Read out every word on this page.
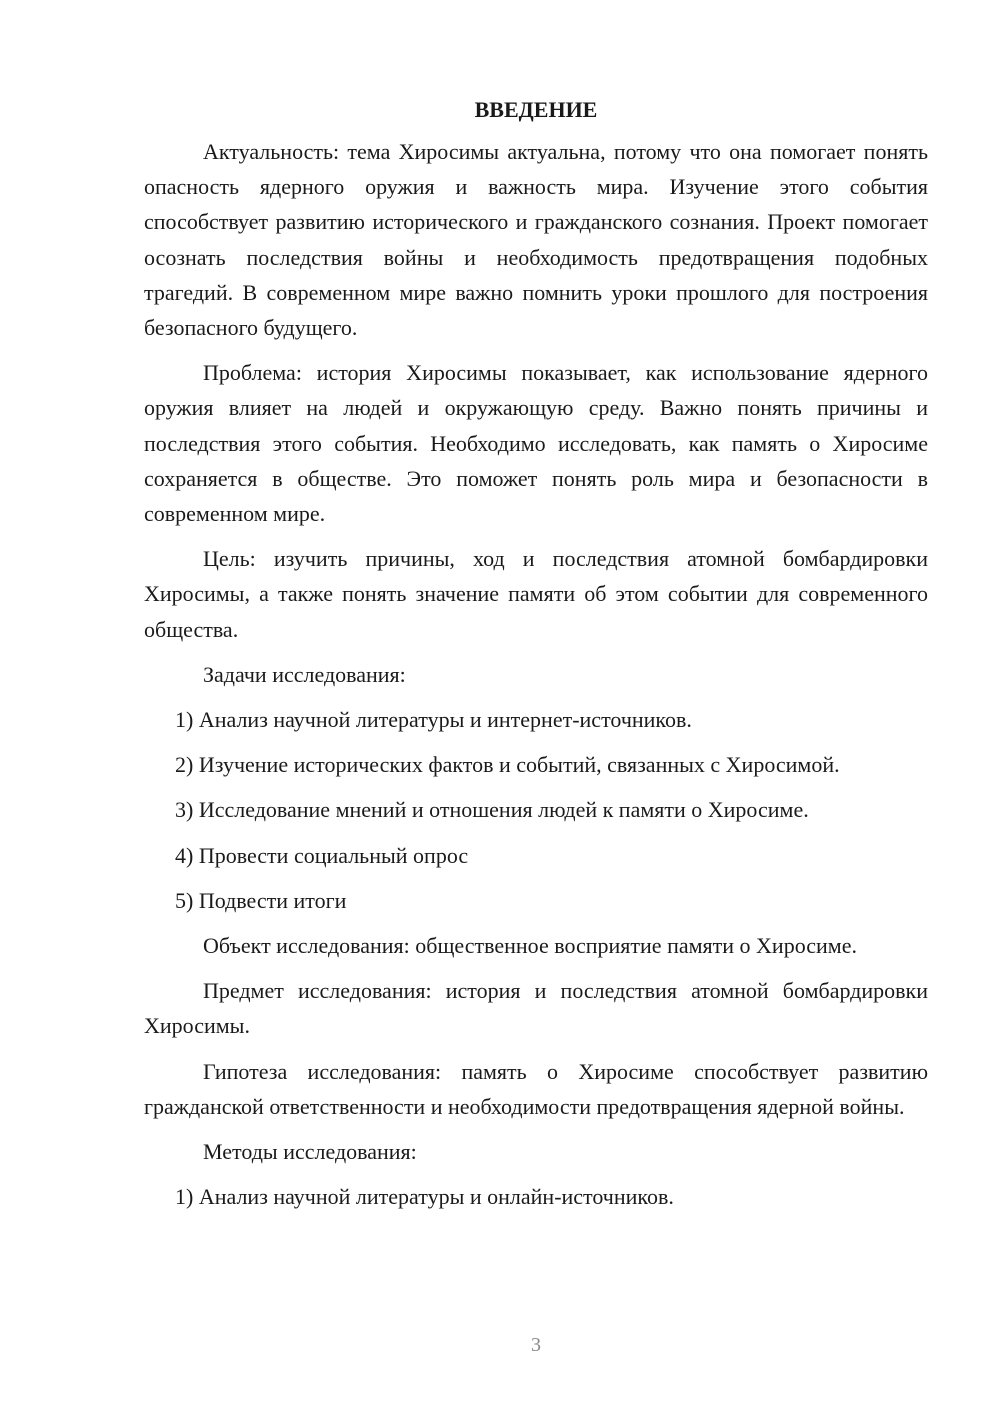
ВВЕДЕНИЕ

Актуальность: тема Хиросимы актуальна, потому что она помогает понять опасность ядерного оружия и важность мира. Изучение этого события способствует развитию исторического и гражданского сознания. Проект помогает осознать последствия войны и необходимость предотвращения подобных трагедий. В современном мире важно помнить уроки прошлого для построения безопасного будущего.

Проблема: история Хиросимы показывает, как использование ядерного оружия влияет на людей и окружающую среду. Важно понять причины и последствия этого события. Необходимо исследовать, как память о Хиросиме сохраняется в обществе. Это поможет понять роль мира и безопасности в современном мире.

Цель: изучить причины, ход и последствия атомной бомбардировки Хиросимы, а также понять значение памяти об этом событии для современного общества.

Задачи исследования:
1) Анализ научной литературы и интернет-источников.
2) Изучение исторических фактов и событий, связанных с Хиросимой.
3) Исследование мнений и отношения людей к памяти о Хиросиме.
4) Провести социальный опрос
5) Подвести итоги

Объект исследования: общественное восприятие памяти о Хиросиме.

Предмет исследования: история и последствия атомной бомбардировки Хиросимы.

Гипотеза исследования: память о Хиросиме способствует развитию гражданской ответственности и необходимости предотвращения ядерной войны.

Методы исследования:
1) Анализ научной литературы и онлайн-источников.
3
